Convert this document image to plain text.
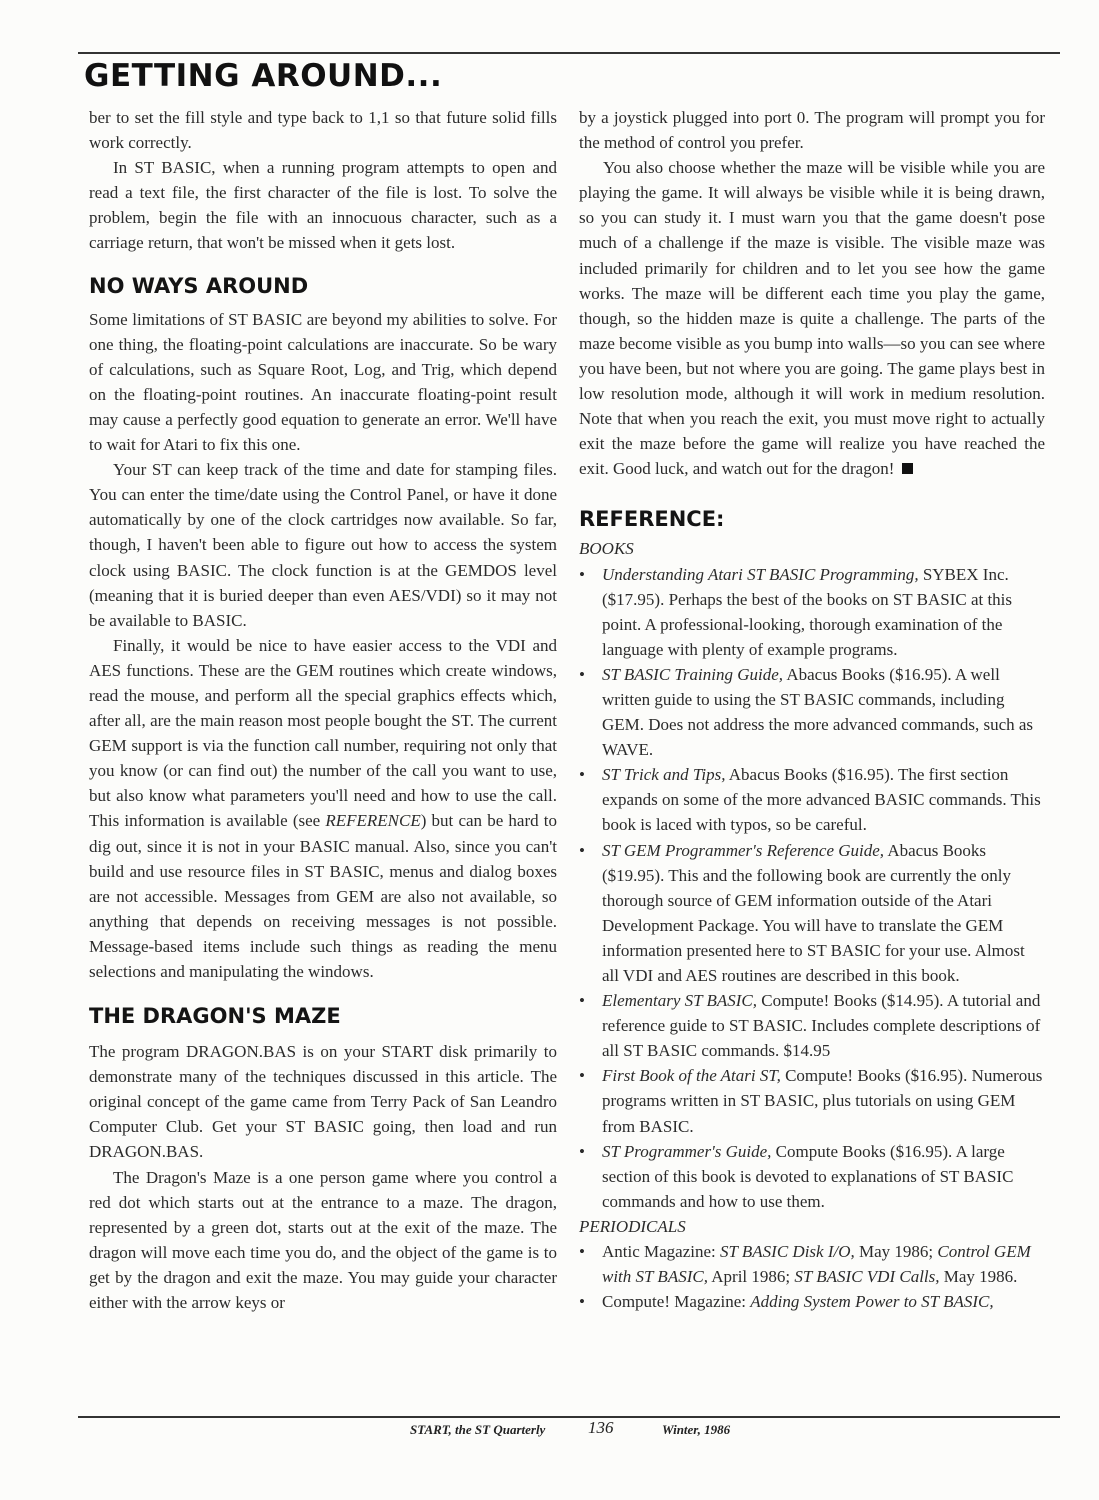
GETTING AROUND...

ber to set the fill style and type back to 1,1 so that future solid fills work correctly.

In ST BASIC, when a running program attempts to open and read a text file, the first character of the file is lost. To solve the problem, begin the file with an innocuous character, such as a carriage return, that won't be missed when it gets lost.

NO WAYS AROUND

Some limitations of ST BASIC are beyond my abilities to solve. For one thing, the floating-point calculations are inaccurate. So be wary of calculations, such as Square Root, Log, and Trig, which depend on the floating-point routines. An inaccurate floating-point result may cause a perfectly good equation to generate an error. We'll have to wait for Atari to fix this one.

Your ST can keep track of the time and date for stamping files. You can enter the time/date using the Control Panel, or have it done automatically by one of the clock cartridges now available. So far, though, I haven't been able to figure out how to access the system clock using BASIC. The clock function is at the GEMDOS level (meaning that it is buried deeper than even AES/VDI) so it may not be available to BASIC.

Finally, it would be nice to have easier access to the VDI and AES functions. These are the GEM routines which create windows, read the mouse, and perform all the special graphics effects which, after all, are the main reason most people bought the ST. The current GEM support is via the function call number, requiring not only that you know (or can find out) the number of the call you want to use, but also know what parameters you'll need and how to use the call. This information is available (see REFERENCE) but can be hard to dig out, since it is not in your BASIC manual. Also, since you can't build and use resource files in ST BASIC, menus and dialog boxes are not accessible. Messages from GEM are also not available, so anything that depends on receiving messages is not possible. Message-based items include such things as reading the menu selections and manipulating the windows.

THE DRAGON'S MAZE

The program DRAGON.BAS is on your START disk primarily to demonstrate many of the techniques discussed in this article. The original concept of the game came from Terry Pack of San Leandro Computer Club. Get your ST BASIC going, then load and run DRAGON.BAS.

The Dragon's Maze is a one person game where you control a red dot which starts out at the entrance to a maze. The dragon, represented by a green dot, starts out at the exit of the maze. The dragon will move each time you do, and the object of the game is to get by the dragon and exit the maze. You may guide your character either with the arrow keys or

by a joystick plugged into port 0. The program will prompt you for the method of control you prefer.

You also choose whether the maze will be visible while you are playing the game. It will always be visible while it is being drawn, so you can study it. I must warn you that the game doesn't pose much of a challenge if the maze is visible. The visible maze was included primarily for children and to let you see how the game works. The maze will be different each time you play the game, though, so the hidden maze is quite a challenge. The parts of the maze become visible as you bump into walls—so you can see where you have been, but not where you are going. The game plays best in low resolution mode, although it will work in medium resolution. Note that when you reach the exit, you must move right to actually exit the maze before the game will realize you have reached the exit. Good luck, and watch out for the dragon!

REFERENCE:

BOOKS

• Understanding Atari ST BASIC Programming, SYBEX Inc. ($17.95). Perhaps the best of the books on ST BASIC at this point. A professional-looking, thorough examination of the language with plenty of example programs.
• ST BASIC Training Guide, Abacus Books ($16.95). A well written guide to using the ST BASIC commands, including GEM. Does not address the more advanced commands, such as WAVE.
• ST Trick and Tips, Abacus Books ($16.95). The first section expands on some of the more advanced BASIC commands. This book is laced with typos, so be careful.
• ST GEM Programmer's Reference Guide, Abacus Books ($19.95). This and the following book are currently the only thorough source of GEM information outside of the Atari Development Package. You will have to translate the GEM information presented here to ST BASIC for your use. Almost all VDI and AES routines are described in this book.
• Elementary ST BASIC, Compute! Books ($14.95). A tutorial and reference guide to ST BASIC. Includes complete descriptions of all ST BASIC commands. $14.95
• First Book of the Atari ST, Compute! Books ($16.95). Numerous programs written in ST BASIC, plus tutorials on using GEM from BASIC.
• ST Programmer's Guide, Compute Books ($16.95). A large section of this book is devoted to explanations of ST BASIC commands and how to use them.

PERIODICALS

• Antic Magazine: ST BASIC Disk I/O, May 1986; Control GEM with ST BASIC, April 1986; ST BASIC VDI Calls, May 1986.
• Compute! Magazine: Adding System Power to ST BASIC,
START, the ST Quarterly	136	Winter, 1986
